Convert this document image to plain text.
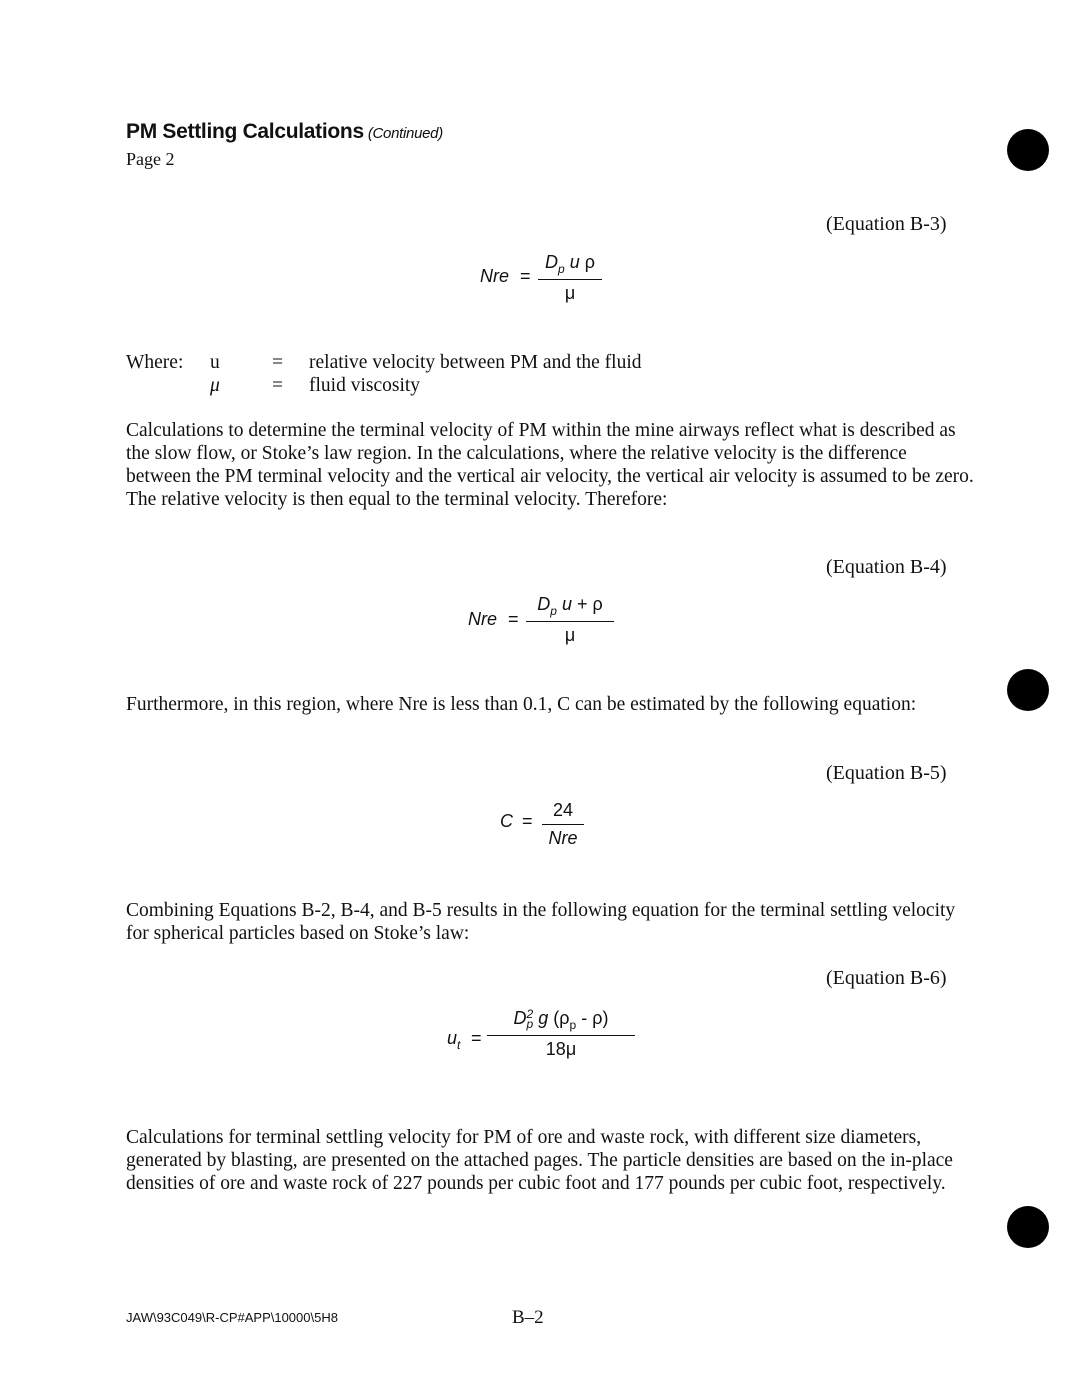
PM Settling Calculations (Continued)
Page 2
(Equation B-3)
Nre =
$D_p$ u ρ
μ
Where: u	= relative velocity between PM and the fluid
μ	= fluid viscosity
Calculations to determine the terminal velocity of PM within the mine airways reflect what is described as the slow flow, or Stoke’s law region. In the calculations, where the relative velocity is the difference between the PM terminal velocity and the vertical air velocity, the vertical air velocity is assumed to be zero. The relative velocity is then equal to the terminal velocity. Therefore:
(Equation B-4)
Nre =
$D_p$ u + ρ
μ
Furthermore, in this region, where Nre is less than 0.1, C can be estimated by the following equation:
(Equation B-5)
C =
24
Nre
Combining Equations B-2, B-4, and B-5 results in the following equation for the terminal settling velocity for spherical particles based on Stoke’s law:
(Equation B-6)
$u_t$ =
D 2
p g $(\rho_p - \rho)$
18μ
Calculations for terminal settling velocity for PM of ore and waste rock, with different size diameters, generated by blasting, are presented on the attached pages. The particle densities are based on the in-place densities of ore and waste rock of 227 pounds per cubic foot and 177 pounds per cubic foot, respectively.
JAW\93C049\R-CP#APP\10000\5H8	B–2
